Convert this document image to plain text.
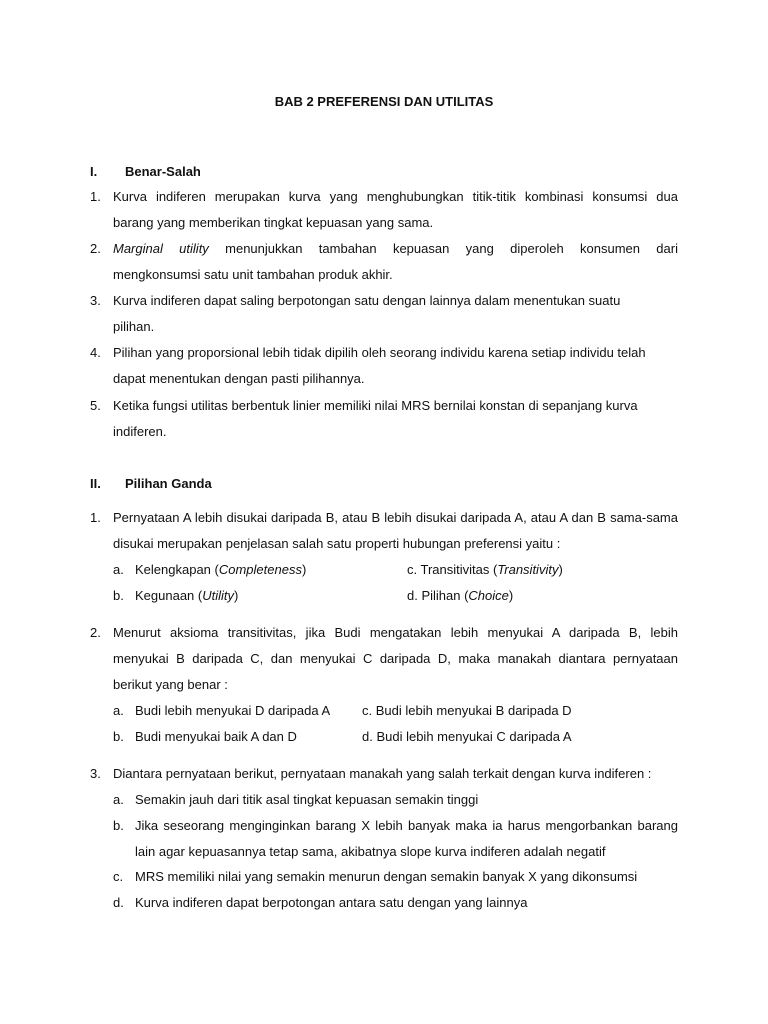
BAB 2 PREFERENSI DAN UTILITAS
I. Benar-Salah
1. Kurva indiferen merupakan kurva yang menghubungkan titik-titik kombinasi konsumsi dua
barang yang memberikan tingkat kepuasan yang sama.
2. Marginal utility menunjukkan tambahan kepuasan yang diperoleh konsumen dari
mengkonsumsi satu unit tambahan produk akhir.
3. Kurva indiferen dapat saling berpotongan satu dengan lainnya dalam menentukan suatu
pilihan.
4. Pilihan yang proporsional lebih tidak dipilih oleh seorang individu karena setiap individu telah
dapat menentukan dengan pasti pilihannya.
5. Ketika fungsi utilitas berbentuk linier memiliki nilai MRS bernilai konstan di sepanjang kurva
indiferen.
II. Pilihan Ganda
1. Pernyataan A lebih disukai daripada B, atau B lebih disukai daripada A, atau A dan B sama-sama
disukai merupakan penjelasan salah satu properti hubungan preferensi yaitu :
a. Kelengkapan (Completeness)	c. Transitivitas (Transitivity)
b. Kegunaan (Utility)	d. Pilihan (Choice)
2. Menurut aksioma transitivitas, jika Budi mengatakan lebih menyukai A daripada B, lebih
menyukai B daripada C, dan menyukai C daripada D, maka manakah diantara pernyataan
berikut yang benar :
a. Budi lebih menyukai D daripada A c. Budi lebih menyukai B daripada D
b. Budi menyukai baik A dan D	d. Budi lebih menyukai C daripada A
3. Diantara pernyataan berikut, pernyataan manakah yang salah terkait dengan kurva indiferen :
a. Semakin jauh dari titik asal tingkat kepuasan semakin tinggi
b. Jika seseorang menginginkan barang X lebih banyak maka ia harus mengorbankan barang
lain agar kepuasannya tetap sama, akibatnya slope kurva indiferen adalah negatif
c. MRS memiliki nilai yang semakin menurun dengan semakin banyak X yang dikonsumsi
d. Kurva indiferen dapat berpotongan antara satu dengan yang lainnya
